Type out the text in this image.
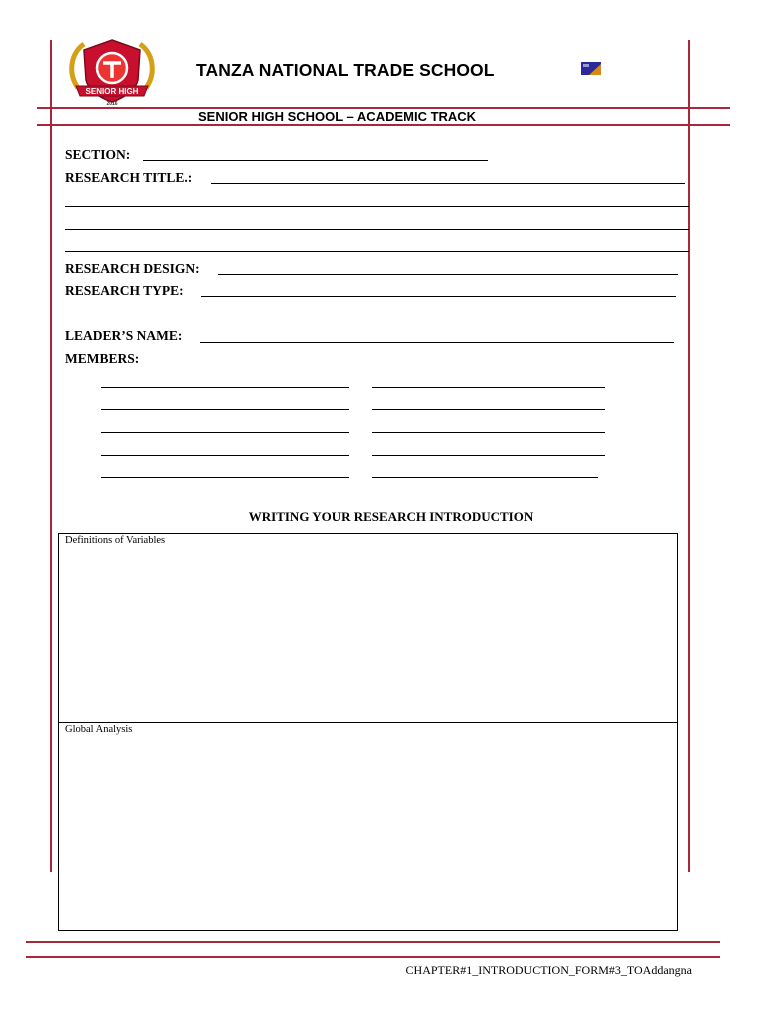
SENIOR HIGH
2016
TANZA NATIONAL TRADE SCHOOL
SENIOR HIGH SCHOOL – ACADEMIC TRACK
SECTION:
RESEARCH TITLE.:
RESEARCH DESIGN:
RESEARCH TYPE:
LEADER’S NAME:
MEMBERS:
WRITING YOUR RESEARCH INTRODUCTION
Definitions of Variables
Global Analysis
CHAPTER#1_INTRODUCTION_FORM#3_TOAddangna
